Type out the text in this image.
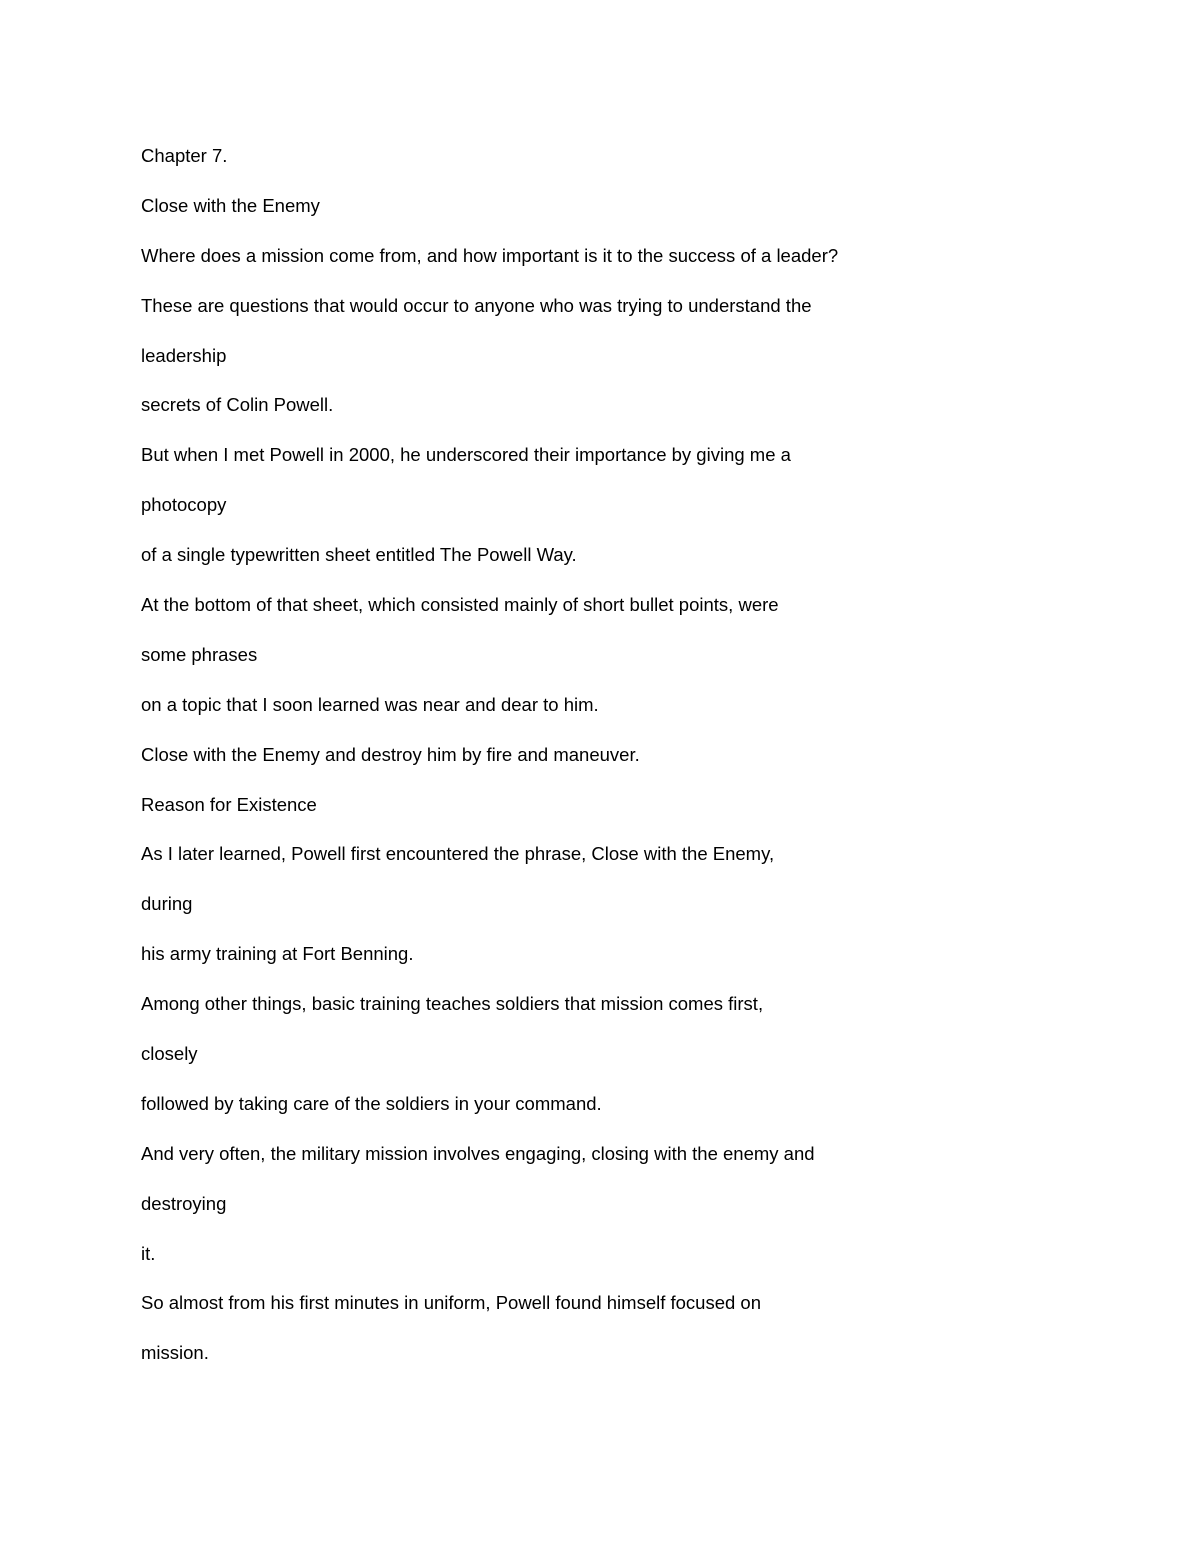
Chapter 7.

Close with the Enemy

Where does a mission come from, and how important is it to the success of a leader?

These are questions that would occur to anyone who was trying to understand the

leadership

secrets of Colin Powell.

But when I met Powell in 2000, he underscored their importance by giving me a

photocopy

of a single typewritten sheet entitled The Powell Way.

At the bottom of that sheet, which consisted mainly of short bullet points, were

some phrases

on a topic that I soon learned was near and dear to him.

Close with the Enemy and destroy him by fire and maneuver.

Reason for Existence

As I later learned, Powell first encountered the phrase, Close with the Enemy,

during

his army training at Fort Benning.

Among other things, basic training teaches soldiers that mission comes first,

closely

followed by taking care of the soldiers in your command.

And very often, the military mission involves engaging, closing with the enemy and

destroying

it.

So almost from his first minutes in uniform, Powell found himself focused on

mission.
